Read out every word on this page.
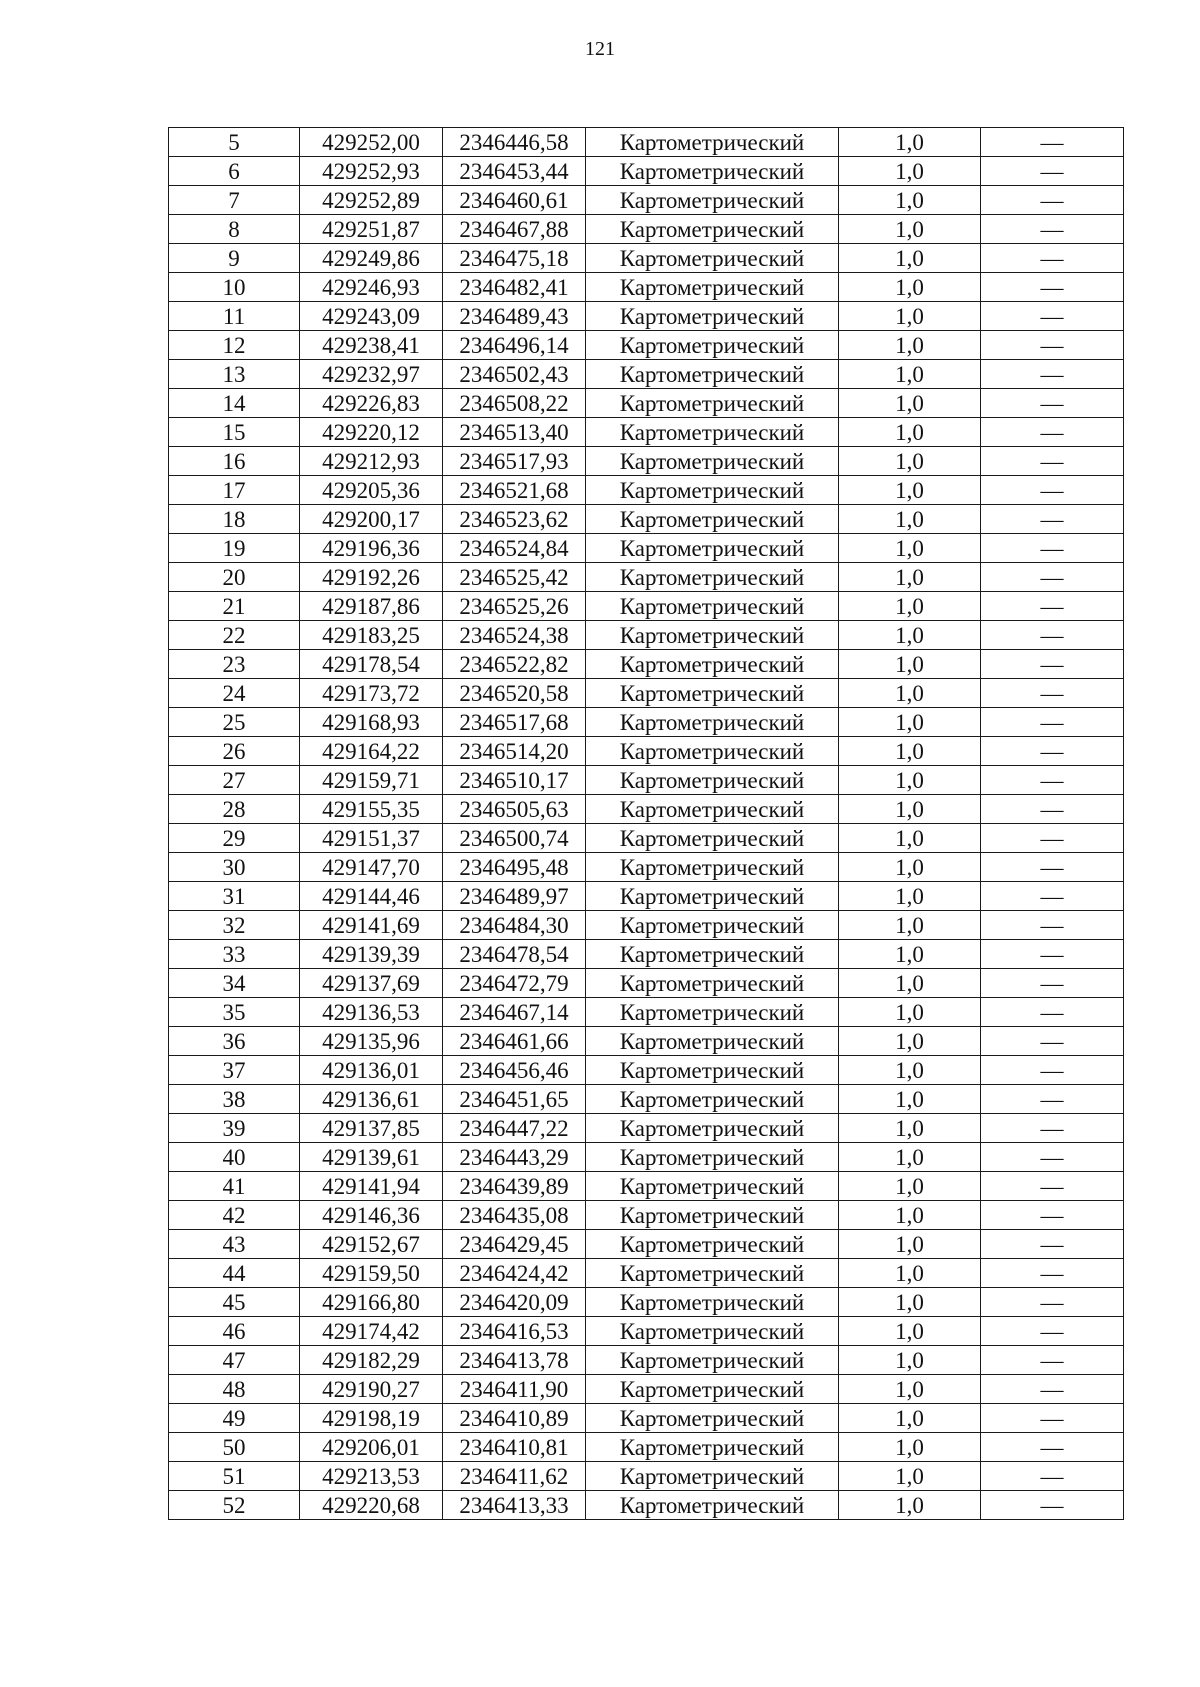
121
5	429252,00	2346446,58	Картометрический	1,0	—
6	429252,93	2346453,44	Картометрический	1,0	—
7	429252,89	2346460,61	Картометрический	1,0	—
8	429251,87	2346467,88	Картометрический	1,0	—
9	429249,86	2346475,18	Картометрический	1,0	—
10	429246,93	2346482,41	Картометрический	1,0	—
11	429243,09	2346489,43	Картометрический	1,0	—
12	429238,41	2346496,14	Картометрический	1,0	—
13	429232,97	2346502,43	Картометрический	1,0	—
14	429226,83	2346508,22	Картометрический	1,0	—
15	429220,12	2346513,40	Картометрический	1,0	—
16	429212,93	2346517,93	Картометрический	1,0	—
17	429205,36	2346521,68	Картометрический	1,0	—
18	429200,17	2346523,62	Картометрический	1,0	—
19	429196,36	2346524,84	Картометрический	1,0	—
20	429192,26	2346525,42	Картометрический	1,0	—
21	429187,86	2346525,26	Картометрический	1,0	—
22	429183,25	2346524,38	Картометрический	1,0	—
23	429178,54	2346522,82	Картометрический	1,0	—
24	429173,72	2346520,58	Картометрический	1,0	—
25	429168,93	2346517,68	Картометрический	1,0	—
26	429164,22	2346514,20	Картометрический	1,0	—
27	429159,71	2346510,17	Картометрический	1,0	—
28	429155,35	2346505,63	Картометрический	1,0	—
29	429151,37	2346500,74	Картометрический	1,0	—
30	429147,70	2346495,48	Картометрический	1,0	—
31	429144,46	2346489,97	Картометрический	1,0	—
32	429141,69	2346484,30	Картометрический	1,0	—
33	429139,39	2346478,54	Картометрический	1,0	—
34	429137,69	2346472,79	Картометрический	1,0	—
35	429136,53	2346467,14	Картометрический	1,0	—
36	429135,96	2346461,66	Картометрический	1,0	—
37	429136,01	2346456,46	Картометрический	1,0	—
38	429136,61	2346451,65	Картометрический	1,0	—
39	429137,85	2346447,22	Картометрический	1,0	—
40	429139,61	2346443,29	Картометрический	1,0	—
41	429141,94	2346439,89	Картометрический	1,0	—
42	429146,36	2346435,08	Картометрический	1,0	—
43	429152,67	2346429,45	Картометрический	1,0	—
44	429159,50	2346424,42	Картометрический	1,0	—
45	429166,80	2346420,09	Картометрический	1,0	—
46	429174,42	2346416,53	Картометрический	1,0	—
47	429182,29	2346413,78	Картометрический	1,0	—
48	429190,27	2346411,90	Картометрический	1,0	—
49	429198,19	2346410,89	Картометрический	1,0	—
50	429206,01	2346410,81	Картометрический	1,0	—
51	429213,53	2346411,62	Картометрический	1,0	—
52	429220,68	2346413,33	Картометрический	1,0	—
